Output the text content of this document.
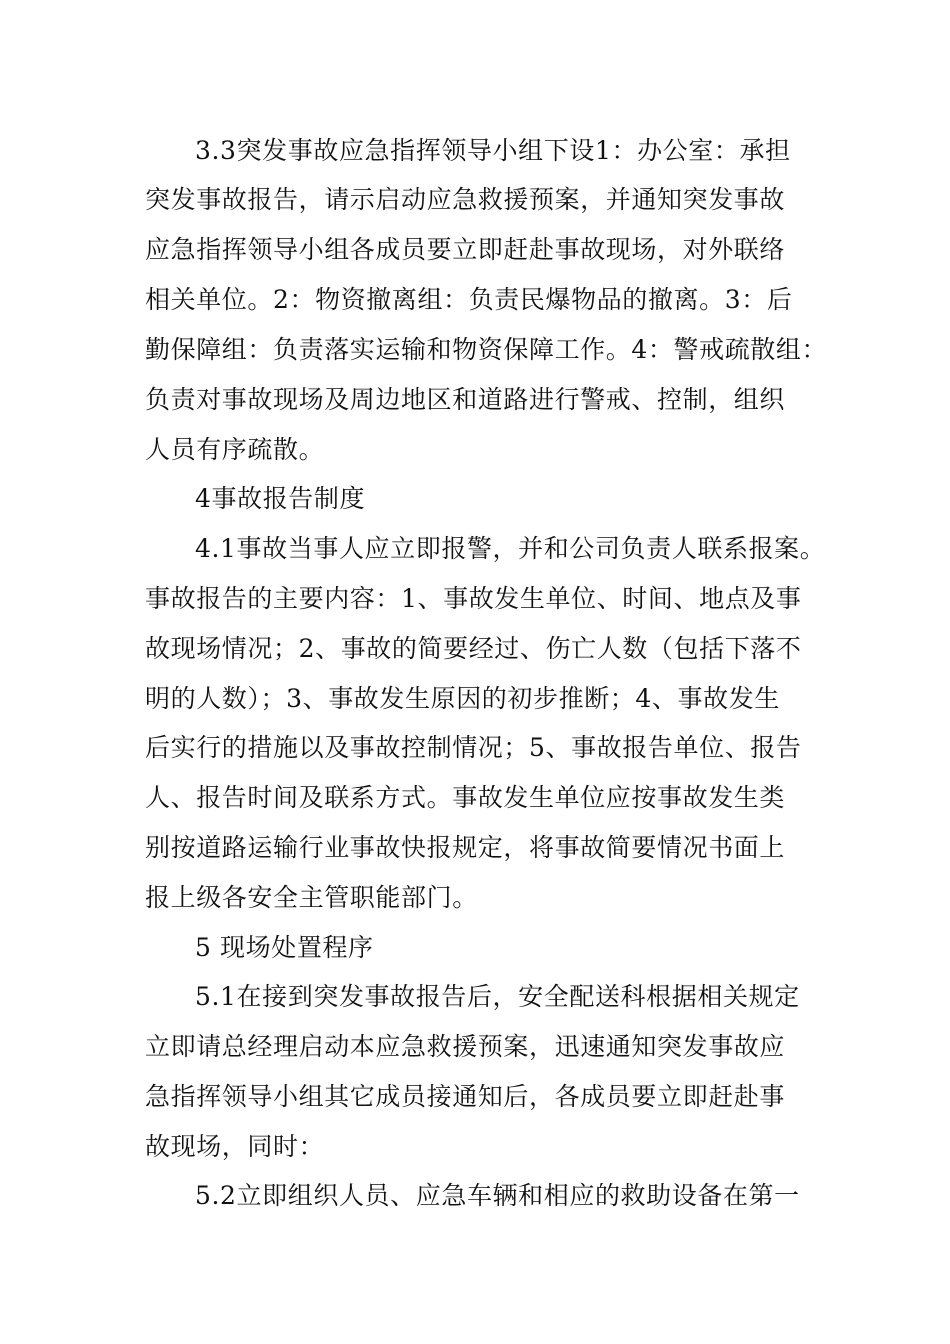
3.3突发事故应急指挥领导小组下设1：办公室：承担
突发事故报告，请示启动应急救援预案，并通知突发事故
应急指挥领导小组各成员要立即赶赴事故现场，对外联络
相关单位。2：物资撤离组：负责民爆物品的撤离。3：后
勤保障组：负责落实运输和物资保障工作。4：警戒疏散组：
负责对事故现场及周边地区和道路进行警戒、控制，组织
人员有序疏散。
4事故报告制度
4.1事故当事人应立即报警，并和公司负责人联系报案。
事故报告的主要内容：1、事故发生单位、时间、地点及事
故现场情况；2、事故的简要经过、伤亡人数（包括下落不
明的人数）；3、事故发生原因的初步推断；4、事故发生
后实行的措施以及事故控制情况；5、事故报告单位、报告
人、报告时间及联系方式。事故发生单位应按事故发生类
别按道路运输行业事故快报规定，将事故简要情况书面上
报上级各安全主管职能部门。
5 现场处置程序
5.1在接到突发事故报告后，安全配送科根据相关规定
立即请总经理启动本应急救援预案，迅速通知突发事故应
急指挥领导小组其它成员接通知后，各成员要立即赶赴事
故现场，同时：
5.2立即组织人员、应急车辆和相应的救助设备在第一
